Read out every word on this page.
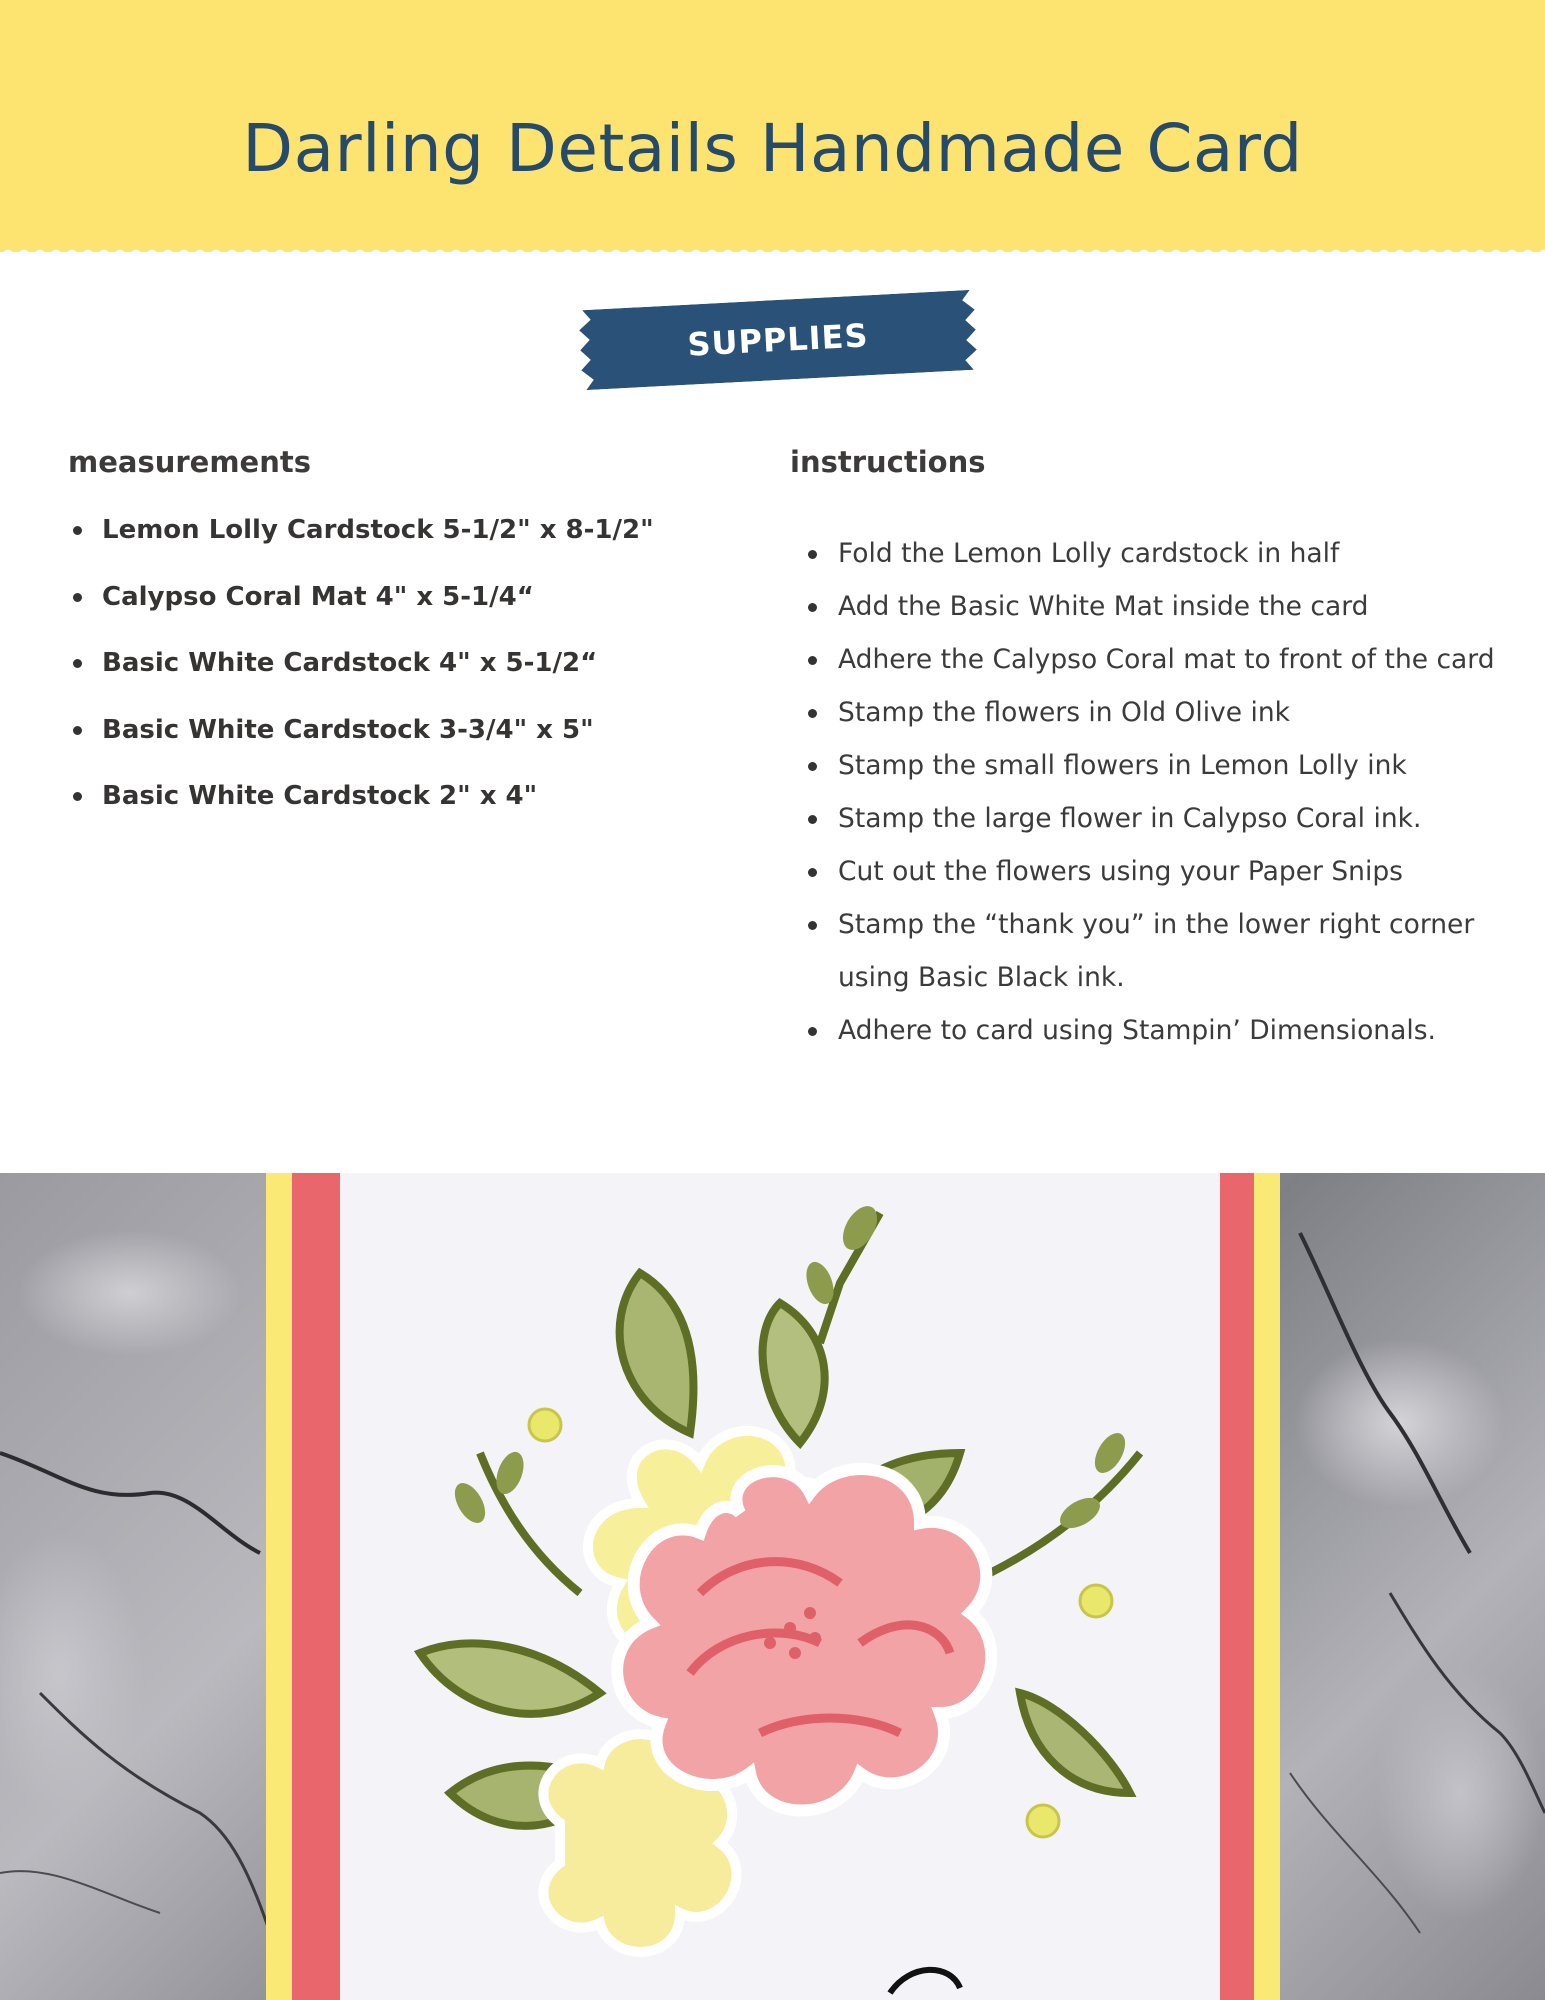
Darling Details Handmade Card
SUPPLIES
measurements
Lemon Lolly Cardstock 5-1/2" x 8-1/2"
Calypso Coral Mat 4" x 5-1/4“
Basic White Cardstock 4" x 5-1/2“
Basic White Cardstock 3-3/4" x 5"
Basic White Cardstock 2" x 4"
instructions
Fold the Lemon Lolly cardstock in half
Add the Basic White Mat inside the card
Adhere the Calypso Coral mat to front of the card
Stamp the flowers in Old Olive ink
Stamp the small flowers in Lemon Lolly ink
Stamp the large flower in Calypso Coral ink.
Cut out the flowers using your Paper Snips
Stamp the “thank you” in the lower right corner using Basic Black ink.
Adhere to card using Stampin’ Dimensionals.
